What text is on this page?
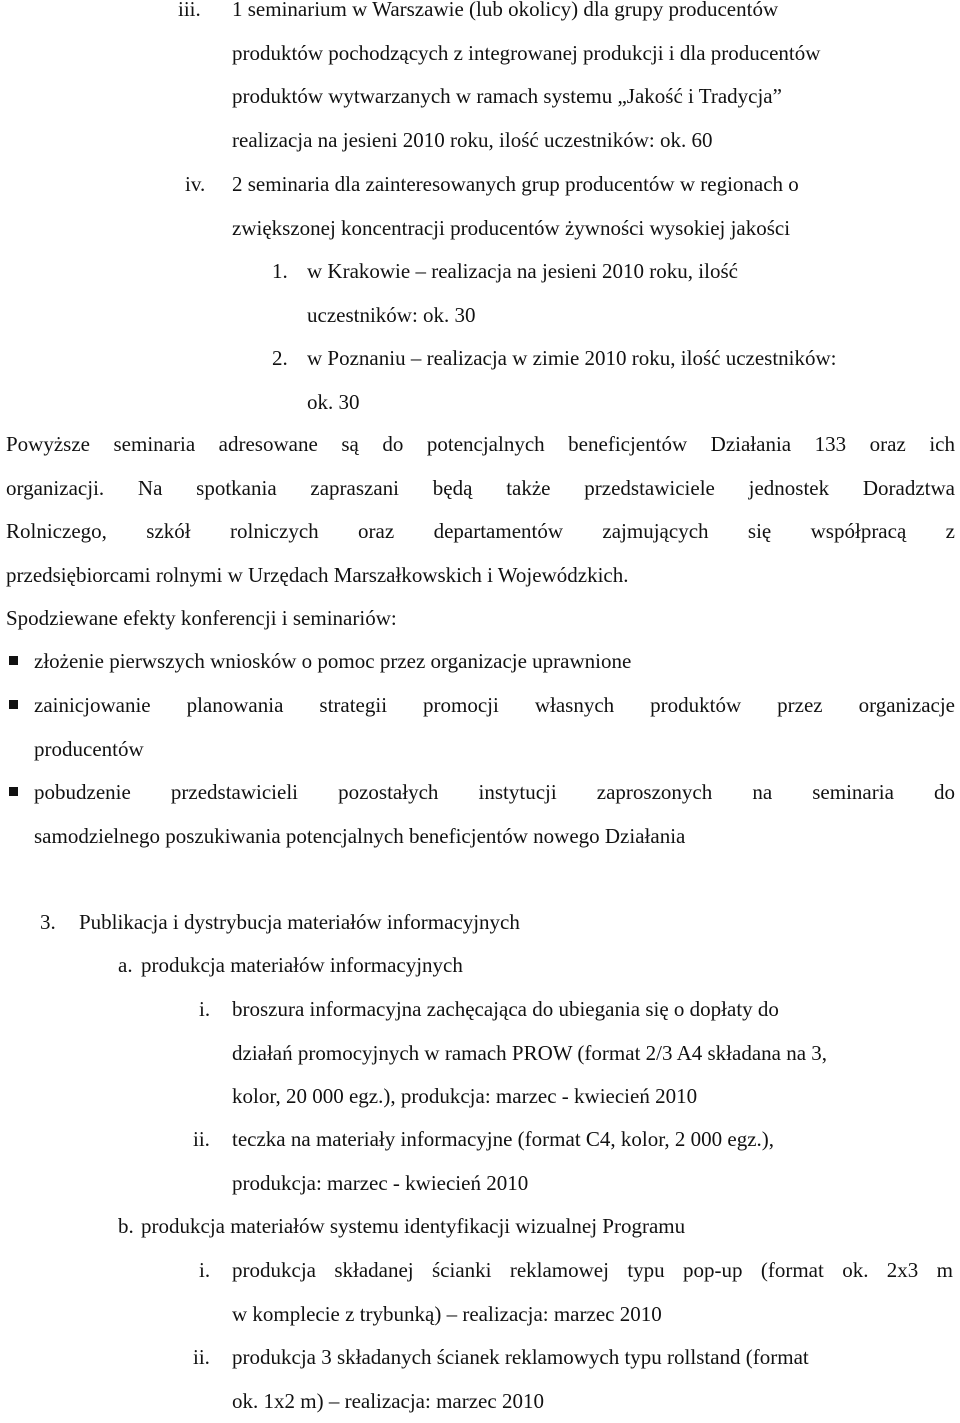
iii. 1 seminarium w Warszawie (lub okolicy) dla grupy producentów
produktów pochodzących z integrowanej produkcji i dla producentów
produktów wytwarzanych w ramach systemu „Jakość i Tradycja”
realizacja na jesieni 2010 roku, ilość uczestników: ok. 60
iv. 2 seminaria dla zainteresowanych grup producentów w regionach o
zwiększonej koncentracji producentów żywności wysokiej jakości
1. w Krakowie – realizacja na jesieni 2010 roku, ilość
uczestników: ok. 30
2. w Poznaniu – realizacja w zimie 2010 roku, ilość uczestników:
ok. 30
Powyższe seminaria adresowane są do potencjalnych beneficjentów Działania 133 oraz ich
organizacji. Na spotkania zapraszani będą także przedstawiciele jednostek Doradztwa
Rolniczego, szkół rolniczych oraz departamentów zajmujących się współpracą z
przedsiębiorcami rolnymi w Urzędach Marszałkowskich i Wojewódzkich.
Spodziewane efekty konferencji i seminariów:
złożenie pierwszych wniosków o pomoc przez organizacje uprawnione
zainicjowanie planowania strategii promocji własnych produktów przez organizacje
producentów
pobudzenie przedstawicieli pozostałych instytucji zaproszonych na seminaria do
samodzielnego poszukiwania potencjalnych beneficjentów nowego Działania
3. Publikacja i dystrybucja materiałów informacyjnych
a. produkcja materiałów informacyjnych
i. broszura informacyjna zachęcająca do ubiegania się o dopłaty do
działań promocyjnych w ramach PROW (format 2/3 A4 składana na 3,
kolor, 20 000 egz.), produkcja: marzec - kwiecień 2010
ii. teczka na materiały informacyjne (format C4, kolor, 2 000 egz.),
produkcja: marzec - kwiecień 2010
b. produkcja materiałów systemu identyfikacji wizualnej Programu
i. produkcja składanej ścianki reklamowej typu pop-up (format ok. 2x3 m
w komplecie z trybunką) – realizacja: marzec 2010
ii. produkcja 3 składanych ścianek reklamowych typu rollstand (format
ok. 1x2 m) – realizacja: marzec 2010
